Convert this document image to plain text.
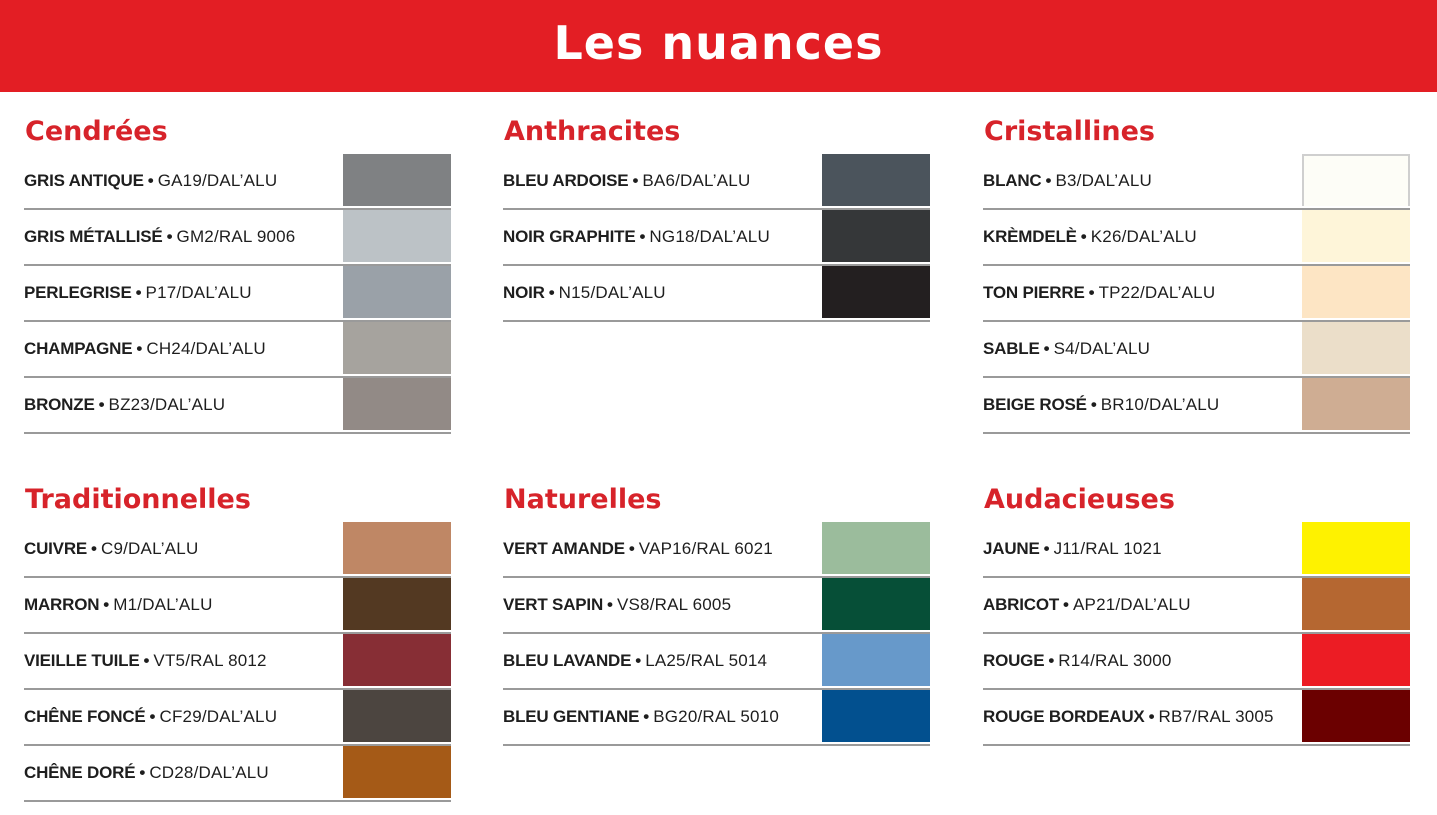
Les nuances
Cendrées
GRIS ANTIQUE • GA19/DAL’ALU
GRIS MÉTALLISÉ • GM2/RAL 9006
PERLEGRISE • P17/DAL’ALU
CHAMPAGNE • CH24/DAL’ALU
BRONZE • BZ23/DAL’ALU
Anthracites
BLEU ARDOISE • BA6/DAL’ALU
NOIR GRAPHITE • NG18/DAL’ALU
NOIR • N15/DAL’ALU
Cristallines
BLANC • B3/DAL’ALU
KRÈMDELÈ • K26/DAL’ALU
TON PIERRE • TP22/DAL’ALU
SABLE • S4/DAL’ALU
BEIGE ROSÉ • BR10/DAL’ALU
Traditionnelles
CUIVRE • C9/DAL’ALU
MARRON • M1/DAL’ALU
VIEILLE TUILE • VT5/RAL 8012
CHÊNE FONCÉ • CF29/DAL’ALU
CHÊNE DORÉ • CD28/DAL’ALU
Naturelles
VERT AMANDE • VAP16/RAL 6021
VERT SAPIN • VS8/RAL 6005
BLEU LAVANDE • LA25/RAL 5014
BLEU GENTIANE • BG20/RAL 5010
Audacieuses
JAUNE • J11/RAL 1021
ABRICOT • AP21/DAL’ALU
ROUGE • R14/RAL 3000
ROUGE BORDEAUX • RB7/RAL 3005
